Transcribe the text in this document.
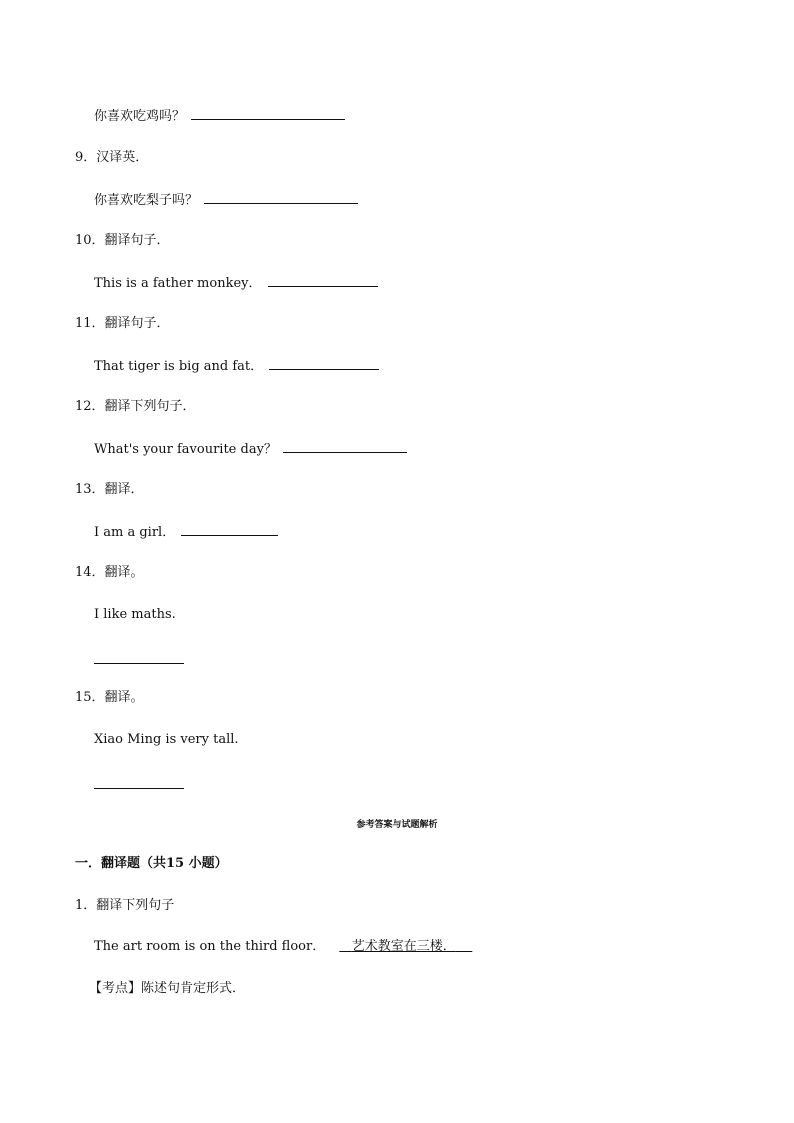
你喜欢吃鸡吗？
9．汉译英．
你喜欢吃梨子吗？
10．翻译句子．
This is a father monkey．
11．翻译句子．
That tiger is big and fat．
12．翻译下列句子．
What's your favourite day？
13．翻译．
I am a girl．
14．翻译。
I like maths.
15．翻译。
Xiao Ming is very tall.
参考答案与试题解析
一．翻译题（共15 小题）
1．翻译下列句子
The art room is on the third floor． 艺术教室在三楼．
【考点】陈述句肯定形式．
